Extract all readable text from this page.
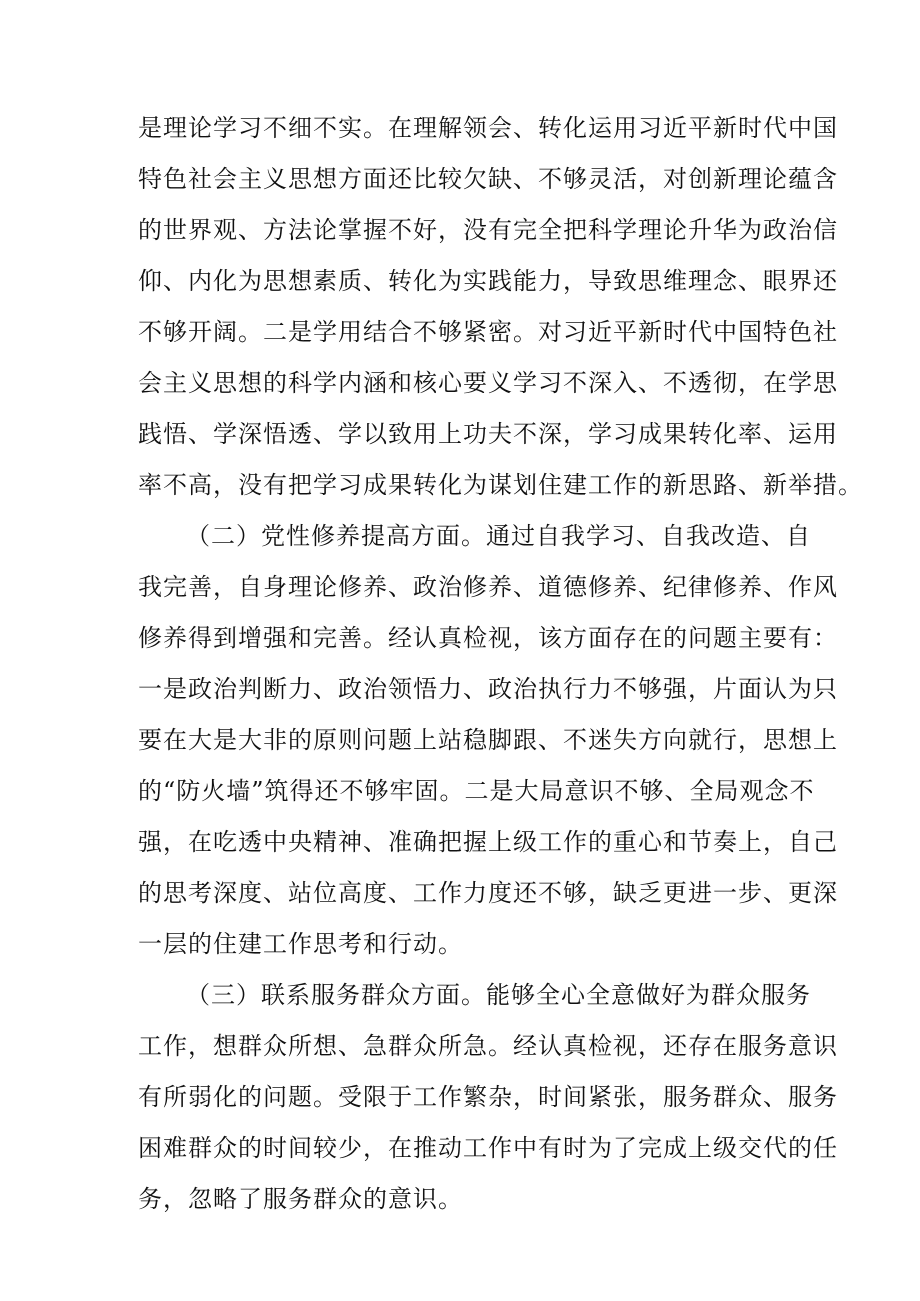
是理论学习不细不实。在理解领会、转化运用习近平新时代中国
特色社会主义思想方面还比较欠缺、不够灵活，对创新理论蕴含
的世界观、方法论掌握不好，没有完全把科学理论升华为政治信
仰、内化为思想素质、转化为实践能力，导致思维理念、眼界还
不够开阔。二是学用结合不够紧密。对习近平新时代中国特色社
会主义思想的科学内涵和核心要义学习不深入、不透彻，在学思
践悟、学深悟透、学以致用上功夫不深，学习成果转化率、运用
率不高，没有把学习成果转化为谋划住建工作的新思路、新举措。
（二）党性修养提高方面。通过自我学习、自我改造、自
我完善，自身理论修养、政治修养、道德修养、纪律修养、作风
修养得到增强和完善。经认真检视，该方面存在的问题主要有：
一是政治判断力、政治领悟力、政治执行力不够强，片面认为只
要在大是大非的原则问题上站稳脚跟、不迷失方向就行，思想上
的“防火墙”筑得还不够牢固。二是大局意识不够、全局观念不
强，在吃透中央精神、准确把握上级工作的重心和节奏上，自己
的思考深度、站位高度、工作力度还不够，缺乏更进一步、更深
一层的住建工作思考和行动。
（三）联系服务群众方面。能够全心全意做好为群众服务
工作，想群众所想、急群众所急。经认真检视，还存在服务意识
有所弱化的问题。受限于工作繁杂，时间紧张，服务群众、服务
困难群众的时间较少，在推动工作中有时为了完成上级交代的任
务，忽略了服务群众的意识。
